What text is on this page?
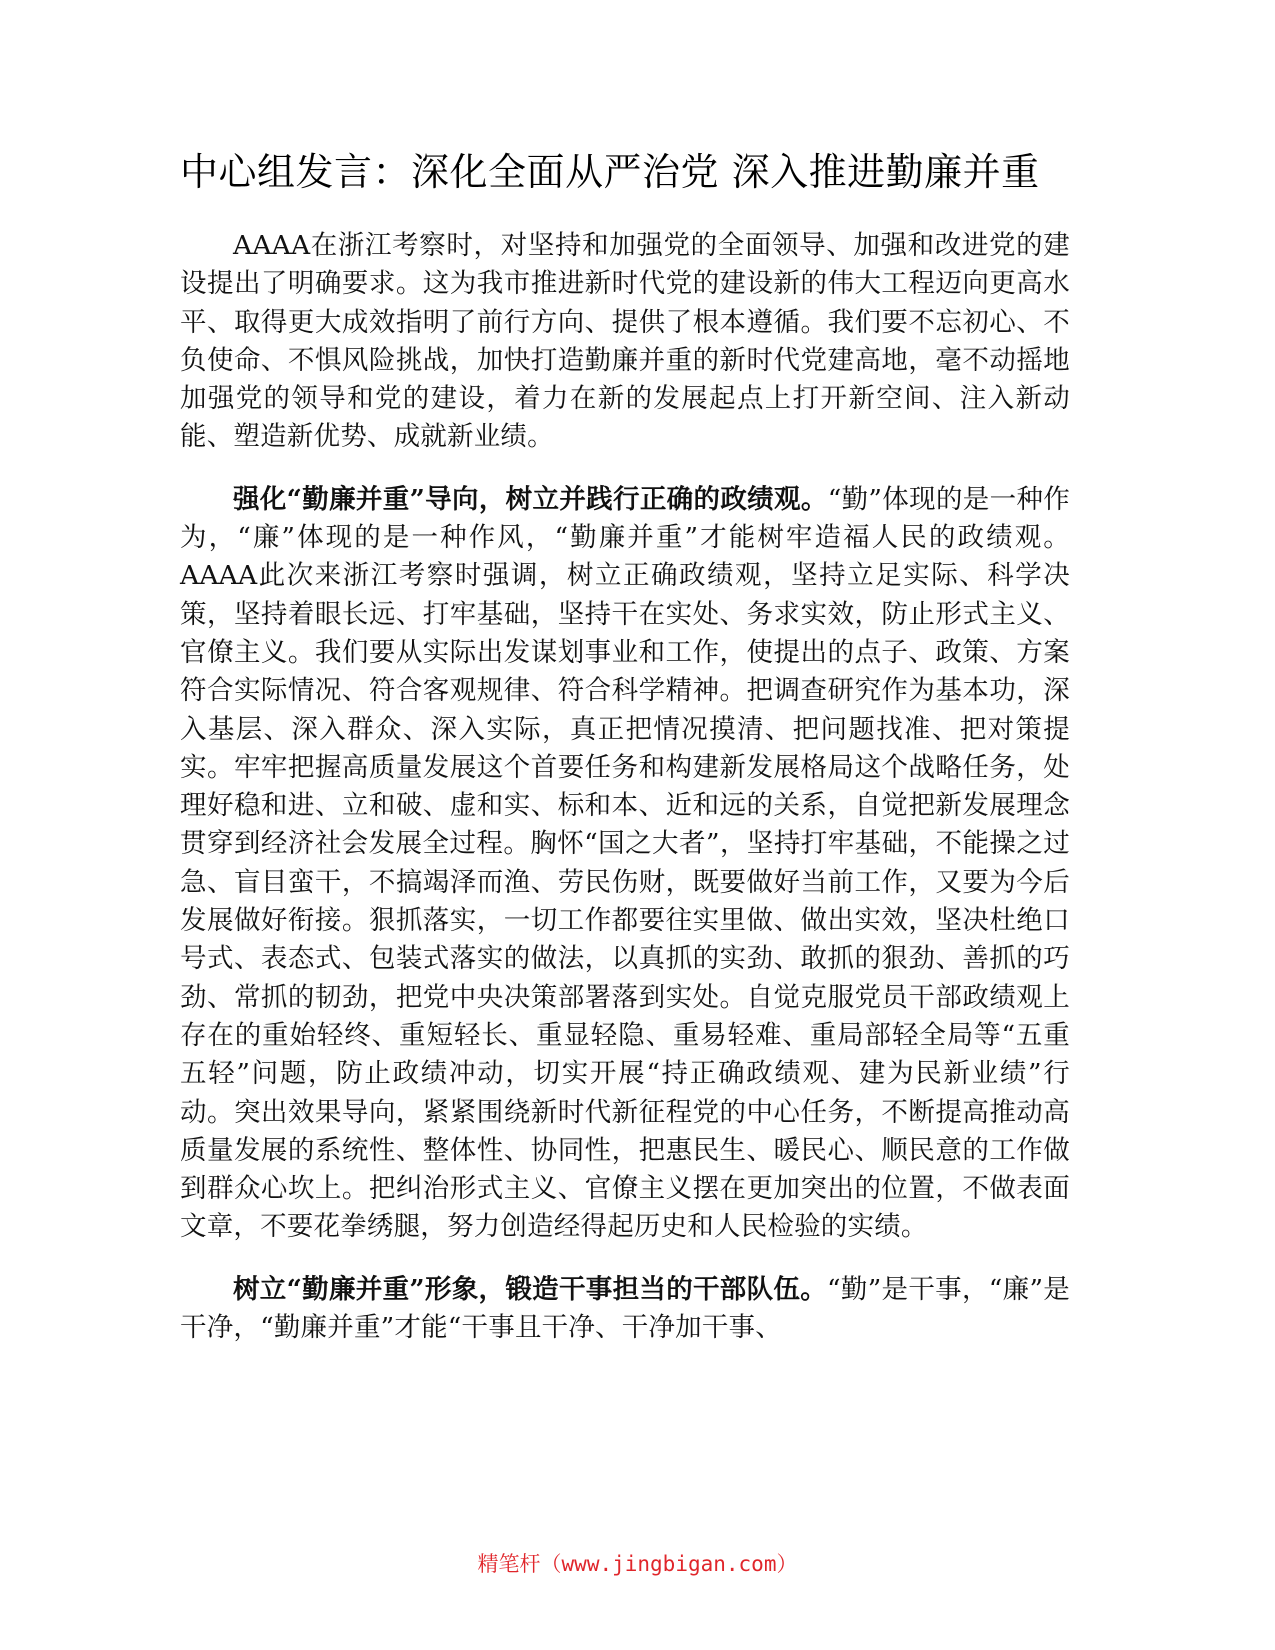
中心组发言：深化全面从严治党 深入推进勤廉并重

AAAA在浙江考察时，对坚持和加强党的全面领导、加强和改进党的建设提出了明确要求。这为我市推进新时代党的建设新的伟大工程迈向更高水平、取得更大成效指明了前行方向、提供了根本遵循。我们要不忘初心、不负使命、不惧风险挑战，加快打造勤廉并重的新时代党建高地，毫不动摇地加强党的领导和党的建设，着力在新的发展起点上打开新空间、注入新动能、塑造新优势、成就新业绩。

强化“勤廉并重”导向，树立并践行正确的政绩观。“勤”体现的是一种作为，“廉”体现的是一种作风，“勤廉并重”才能树牢造福人民的政绩观。AAAA此次来浙江考察时强调，树立正确政绩观，坚持立足实际、科学决策，坚持着眼长远、打牢基础，坚持干在实处、务求实效，防止形式主义、官僚主义。我们要从实际出发谋划事业和工作，使提出的点子、政策、方案符合实际情况、符合客观规律、符合科学精神。把调查研究作为基本功，深入基层、深入群众、深入实际，真正把情况摸清、把问题找准、把对策提实。牢牢把握高质量发展这个首要任务和构建新发展格局这个战略任务，处理好稳和进、立和破、虚和实、标和本、近和远的关系，自觉把新发展理念贯穿到经济社会发展全过程。胸怀“国之大者”，坚持打牢基础，不能操之过急、盲目蛮干，不搞竭泽而渔、劳民伤财，既要做好当前工作，又要为今后发展做好衔接。狠抓落实，一切工作都要往实里做、做出实效，坚决杜绝口号式、表态式、包装式落实的做法，以真抓的实劲、敢抓的狠劲、善抓的巧劲、常抓的韧劲，把党中央决策部署落到实处。自觉克服党员干部政绩观上存在的重始轻终、重短轻长、重显轻隐、重易轻难、重局部轻全局等“五重五轻”问题，防止政绩冲动，切实开展“持正确政绩观、建为民新业绩”行动。突出效果导向，紧紧围绕新时代新征程党的中心任务，不断提高推动高质量发展的系统性、整体性、协同性，把惠民生、暖民心、顺民意的工作做到群众心坎上。把纠治形式主义、官僚主义摆在更加突出的位置，不做表面文章，不要花拳绣腿，努力创造经得起历史和人民检验的实绩。

树立“勤廉并重”形象，锻造干事担当的干部队伍。“勤”是干事，“廉”是干净，“勤廉并重”才能“干事且干净、干净加干事、

精笔杆（www.jingbigan.com）
